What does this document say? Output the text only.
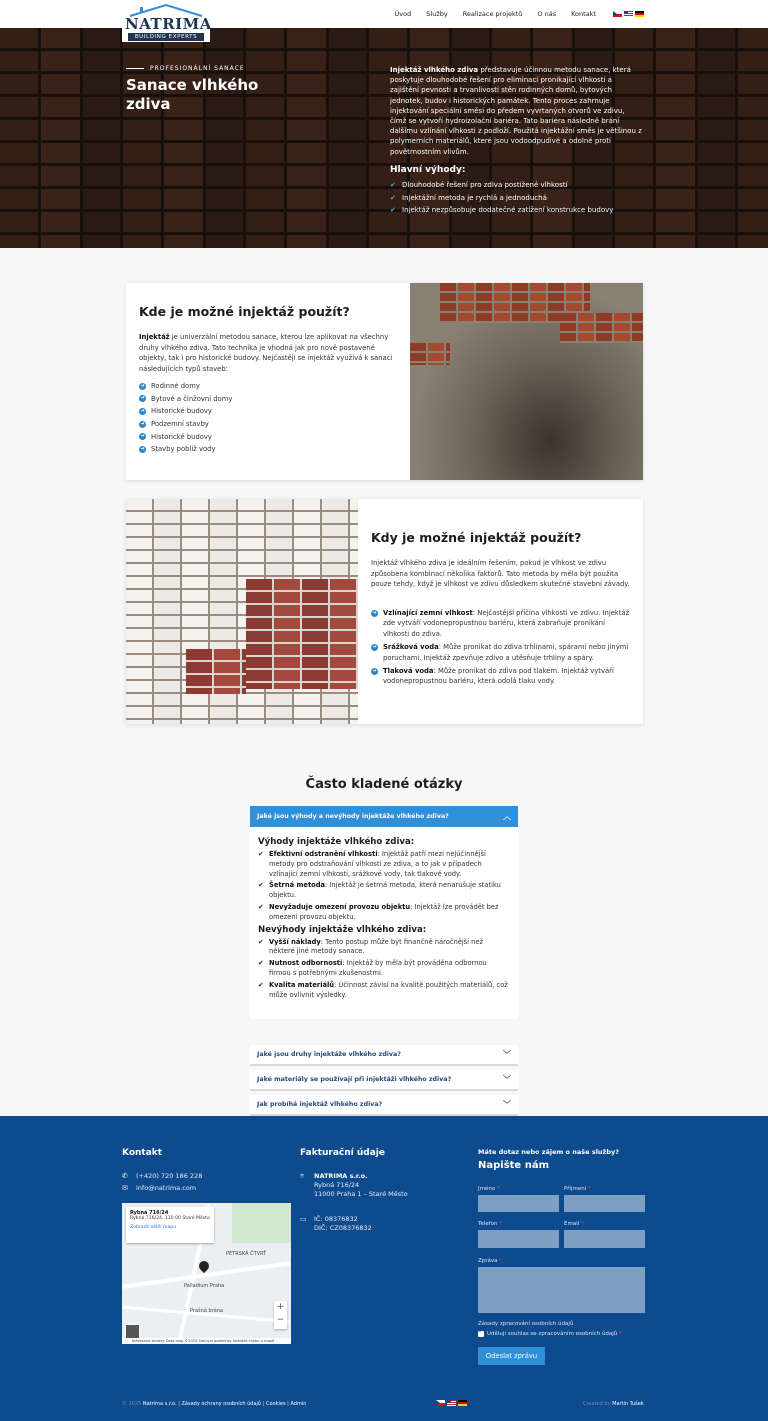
NATRIMA
BUILDING EXPERTS
Úvod Služby Realizace projektů O nás Kontakt
PROFESIONÁLNÍ SANACE
Sanace vlhkého zdiva
Injektáž vlhkého zdiva představuje účinnou metodu sanace, která poskytuje dlouhodobé řešení pro eliminaci pronikající vlhkosti a zajištění pevnosti a trvanlivosti stěn rodinných domů, bytových jednotek, budov i historických památek. Tento proces zahrnuje injektování speciální směsi do předem vyvrtaných otvorů ve zdivu, čímž se vytvoří hydroizolační bariéra. Tato bariéra následně brání dalšímu vzlínání vlhkosti z podloží. Použitá injektážní směs je většinou z polymerních materiálů, které jsou vodoodpudivé a odolné proti povětrnostním vlivům.
Hlavní výhody:
✔ Dlouhodobé řešení pro zdiva postižené vlhkostí
✔ Injektážní metoda je rychlá a jednoduchá
✔ Injektáž nezpůsobuje dodatečné zatížení konstrukce budovy
Kde je možné injektáž použít?

Injektáž je univerzální metodou sanace, kterou lze aplikovat na všechny druhy vlhkého zdiva. Tato technika je vhodná jak pro nově postavené objekty, tak i pro historické budovy. Nejčastěji se injektáž využívá k sanaci následujících typů staveb:

➜ Rodinné domy
➜ Bytové a činžovní domy
➜ Historické budovy
➜ Podzemní stavby
➜ Historické budovy
➜ Stavby poblíž vody
Kdy je možné injektáž použít?

Injektáž vlhkého zdiva je ideálním řešením, pokud je vlhkost ve zdivu způsobena kombinací několika faktorů. Tato metoda by měla být použita pouze tehdy, když je vlhkost ve zdivu důsledkem skutečné stavební závady.

➜ Vzlínající zemní vlhkost: Nejčastější příčina vlhkosti ve zdivu. Injektáž zde vytváří vodonepropustnou bariéru, která zabraňuje pronikání vlhkosti do zdiva.
➜ Srážková voda: Může pronikat do zdiva trhlinami, spárami nebo jinými poruchami. Injektáž zpevňuje zdivo a utěsňuje trhliny a spáry.
➜ Tlaková voda: Může pronikat do zdiva pod tlakem. Injektáž vytváří vodonepropustnou bariéru, která odolá tlaku vody.
Často kladené otázky
Jaké jsou výhody a nevýhody injektáže vlhkého zdiva?	︿
Výhody injektáže vlhkého zdiva:
✔ Efektivní odstranění vlhkosti: Injektáž patří mezi nejúčinnější metody pro odstraňování vlhkosti ze zdiva, a to jak v případech vzlínající zemní vlhkosti, srážkové vody, tak tlakové vody.
✔ Šetrná metoda: Injektáž je šetrná metoda, která nenarušuje statiku objektu.
✔ Nevyžaduje omezení provozu objektu: Injektáž lze provádět bez omezení provozu objektu.
Nevýhody injektáže vlhkého zdiva:
✔ Vyšší náklady: Tento postup může být finančně náročnější než některé jiné metody sanace.
✔ Nutnost odbornosti: Injektáž by měla být prováděna odbornou firmou s potřebnými zkušenostmi.
✔ Kvalita materiálů: Účinnost závisí na kvalitě použitých materiálů, což může ovlivnit výsledky.
Jaké jsou druhy injektáže vlhkého zdiva?	﹀
Jaké materiály se používají při injektáži vlhkého zdiva?	﹀
Jak probíhá injektáž vlhkého zdiva?	﹀
Kontakt
✆	(+420) 720 186 228
✉	info@natrima.com
Rybná 716/24
Rybná 716/24, 110 00 Staré Město
Zobrazit větší mapu
PETRSKÁ ČTVRŤ
Palladium Praha
Prašná brána	+
−
Klávesové zkratky Data map ©2025 Smluvní podmínky Nahlásit chybu v mapě
Fakturační údaje
⌾	NATRIMA s.r.o.
Rybná 716/24
11000 Praha 1 – Staré Město
▭ IČ: 08376832
DIČ: CZ08376832
Máte dotaz nebo zájem o naše služby?
Napište nám
Jméno *	Příjmení *
Telefon *	Email *
Zpráva *
Zásady zpracování osobních údajů
✓
Uděluji souhlas se zpracováním osobních údajů *
Odeslat zprávu
© 2025 Natrima s.r.o. | Zásady ochrany osobních údajů | Cookies | Admin	Created by Martin Tušek
